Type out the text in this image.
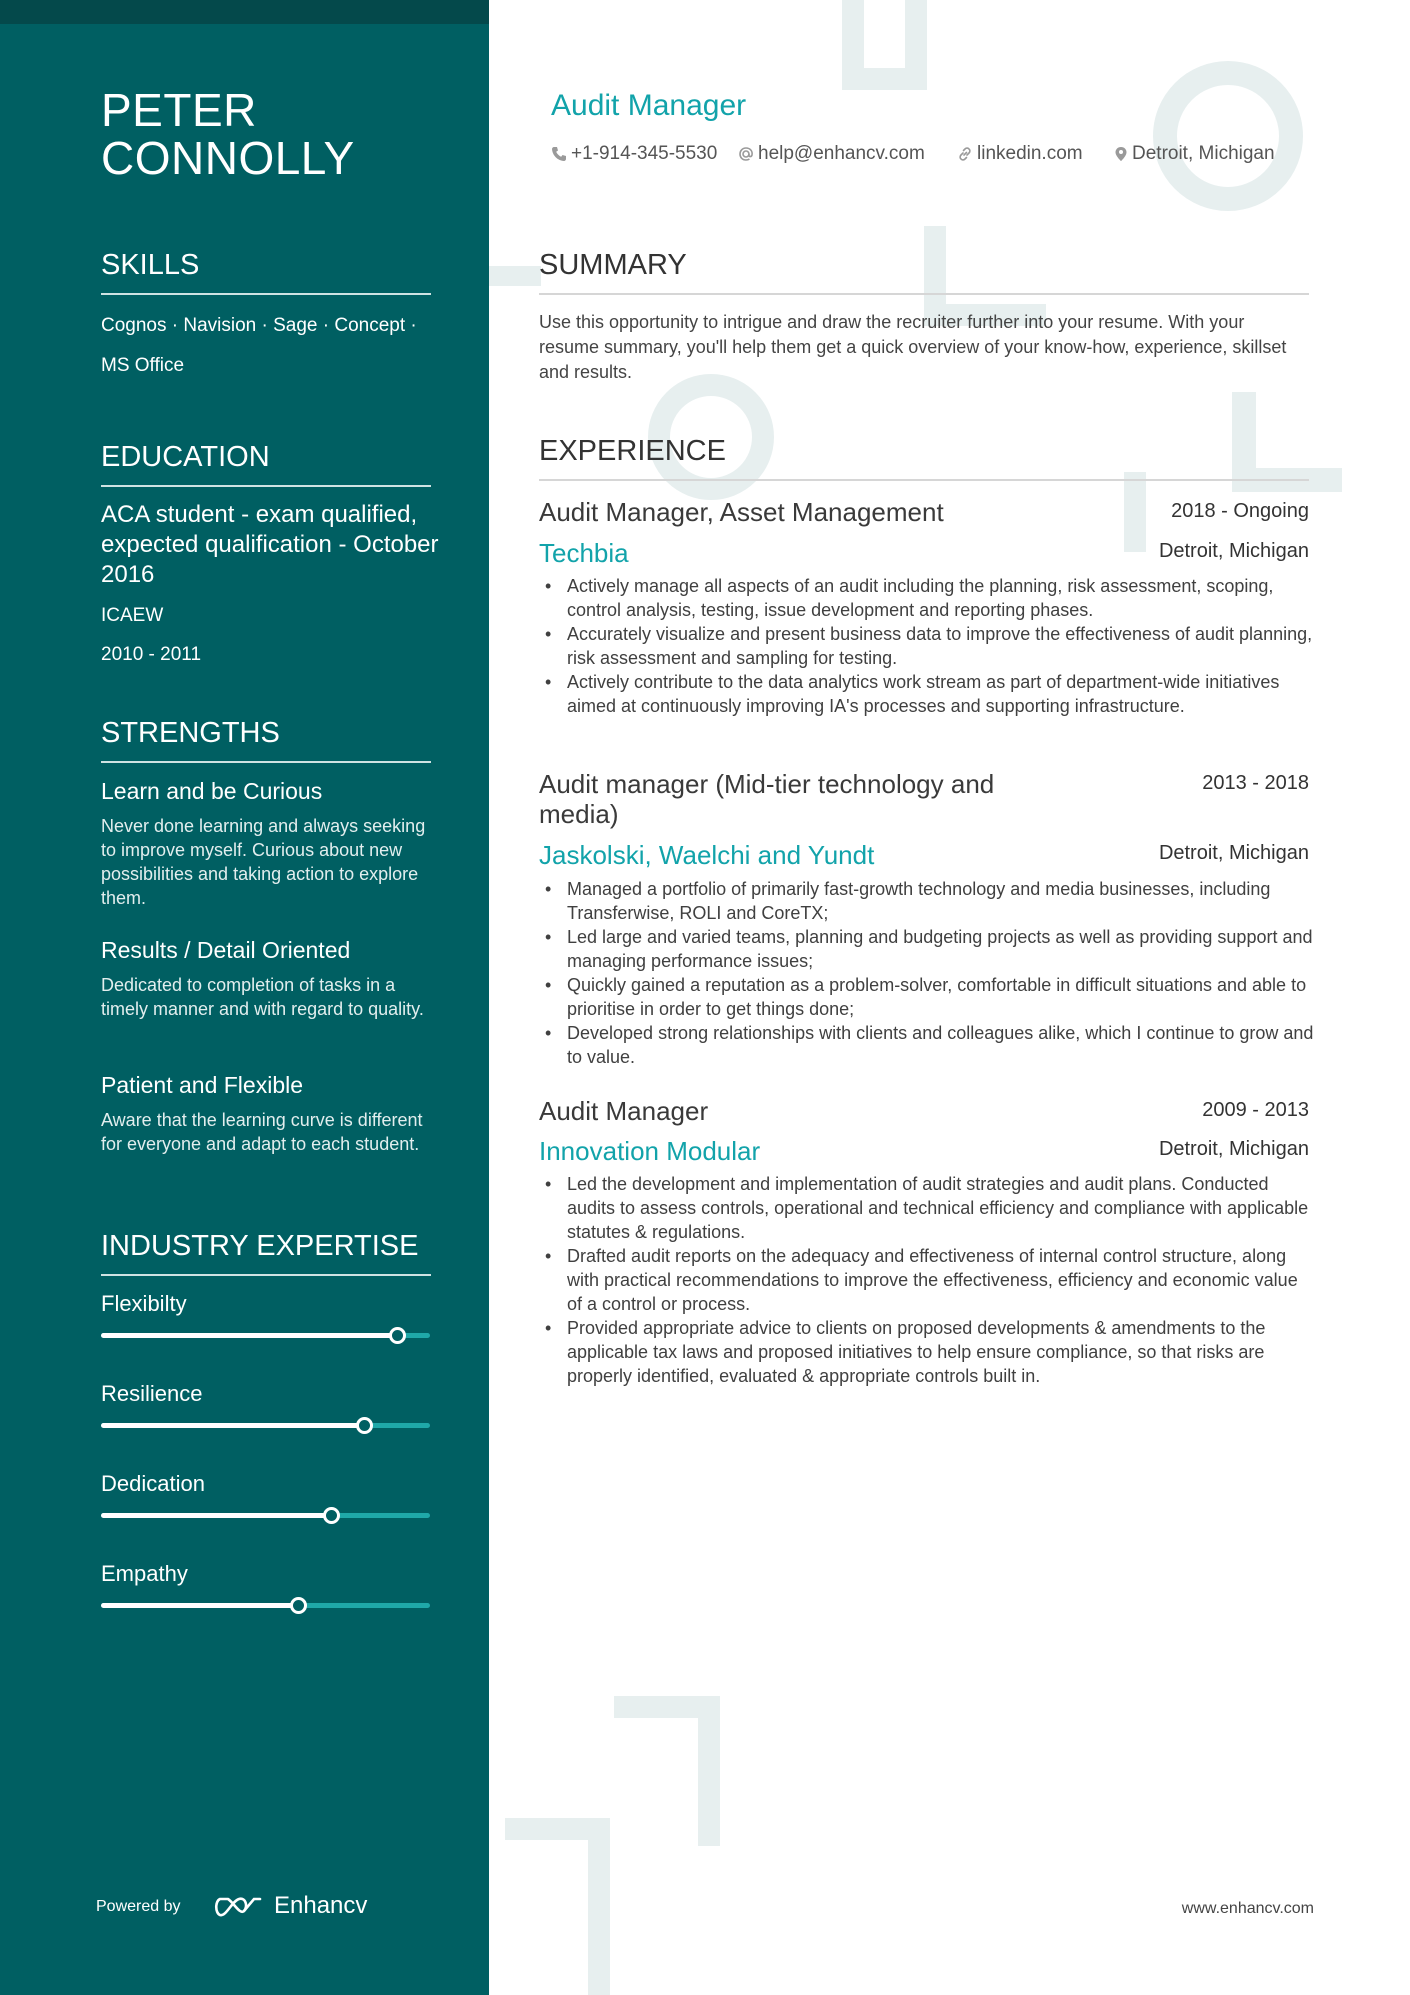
PETER CONNOLLY
SKILLS
Cognos · Navision · Sage · Concept ·
MS Office
EDUCATION
ACA student - exam qualified, expected qualification - October 2016
ICAEW
2010 - 2011
STRENGTHS
Learn and be Curious
Never done learning and always seeking to improve myself. Curious about new possibilities and taking action to explore them.
Results / Detail Oriented
Dedicated to completion of tasks in a timely manner and with regard to quality.
Patient and Flexible
Aware that the learning curve is different for everyone and adapt to each student.
INDUSTRY EXPERTISE
Flexibilty
Resilience
Dedication
Empathy
Powered by	Enhancv
Audit Manager
+1-914-345-5530	help@enhancv.com	linkedin.com	Detroit, Michigan
SUMMARY
Use this opportunity to intrigue and draw the recruiter further into your resume. With your resume summary, you'll help them get a quick overview of your know-how, experience, skillset and results.
EXPERIENCE
Audit Manager, Asset Management	2018 - Ongoing
Techbia	Detroit, Michigan
• Actively manage all aspects of an audit including the planning, risk assessment, scoping, control analysis, testing, issue development and reporting phases.
• Accurately visualize and present business data to improve the effectiveness of audit planning, risk assessment and sampling for testing.
• Actively contribute to the data analytics work stream as part of department-wide initiatives aimed at continuously improving IA's processes and supporting infrastructure.
Audit manager (Mid-tier technology and media)
2013 - 2018
Jaskolski, Waelchi and Yundt	Detroit, Michigan
• Managed a portfolio of primarily fast-growth technology and media businesses, including Transferwise, ROLI and CoreTX;
• Led large and varied teams, planning and budgeting projects as well as providing support and managing performance issues;
• Quickly gained a reputation as a problem-solver, comfortable in difficult situations and able to prioritise in order to get things done;
• Developed strong relationships with clients and colleagues alike, which I continue to grow and to value.
Audit Manager	2009 - 2013
Innovation Modular	Detroit, Michigan
• Led the development and implementation of audit strategies and audit plans. Conducted audits to assess controls, operational and technical efficiency and compliance with applicable statutes & regulations.
• Drafted audit reports on the adequacy and effectiveness of internal control structure, along with practical recommendations to improve the effectiveness, efficiency and economic value of a control or process.
• Provided appropriate advice to clients on proposed developments & amendments to the applicable tax laws and proposed initiatives to help ensure compliance, so that risks are properly identified, evaluated & appropriate controls built in.
www.enhancv.com
